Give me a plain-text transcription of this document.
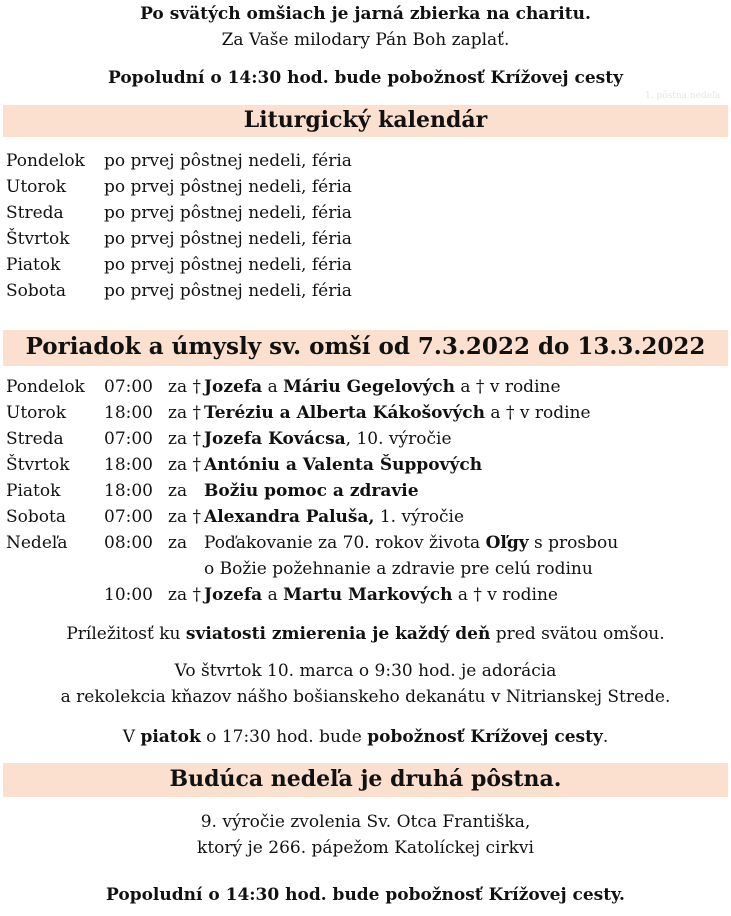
Po svätých omšiach je jarná zbierka na charitu.
Za Vaše milodary Pán Boh zaplať.
Popoludní o 14:30 hod. bude pobožnosť Krížovej cesty
1. pôstna nedeľa
Liturgický kalendár
Pondelok po prvej pôstnej nedeli, féria
Utorok po prvej pôstnej nedeli, féria
Streda po prvej pôstnej nedeli, féria
Štvrtok po prvej pôstnej nedeli, féria
Piatok	po prvej pôstnej nedeli, féria
Sobota po prvej pôstnej nedeli, féria
Poriadok a úmysly sv. omší od 7.3.2022 do 13.3.2022
Pondelok 07:00 za † Jozefa a Máriu Gegelových a † v rodine
Utorok 18:00 za † Teréziu a Alberta Kákošových a † v rodine
Streda 07:00 za † Jozefa Kovácsa, 10. výročie
Štvrtok 18:00 za † Antóniu a Valenta Šuppových
Piatok	18:00 za Božiu pomoc a zdravie
Sobota 07:00 za † Alexandra Paluša, 1. výročie
Nedeľa 08:00 za Poďakovanie za 70. rokov života Oľgy s prosbou
o Božie požehnanie a zdravie pre celú rodinu
10:00 za † Jozefa a Martu Markových a † v rodine
Príležitosť ku sviatosti zmierenia je každý deň pred svätou omšou.
Vo štvrtok 10. marca o 9:30 hod. je adorácia
a rekolekcia kňazov nášho bošianskeho dekanátu v Nitrianskej Strede.
V piatok o 17:30 hod. bude pobožnosť Krížovej cesty.
Budúca nedeľa je druhá pôstna.
9. výročie zvolenia Sv. Otca Františka,
ktorý je 266. pápežom Katolíckej cirkvi
Popoludní o 14:30 hod. bude pobožnosť Krížovej cesty.
